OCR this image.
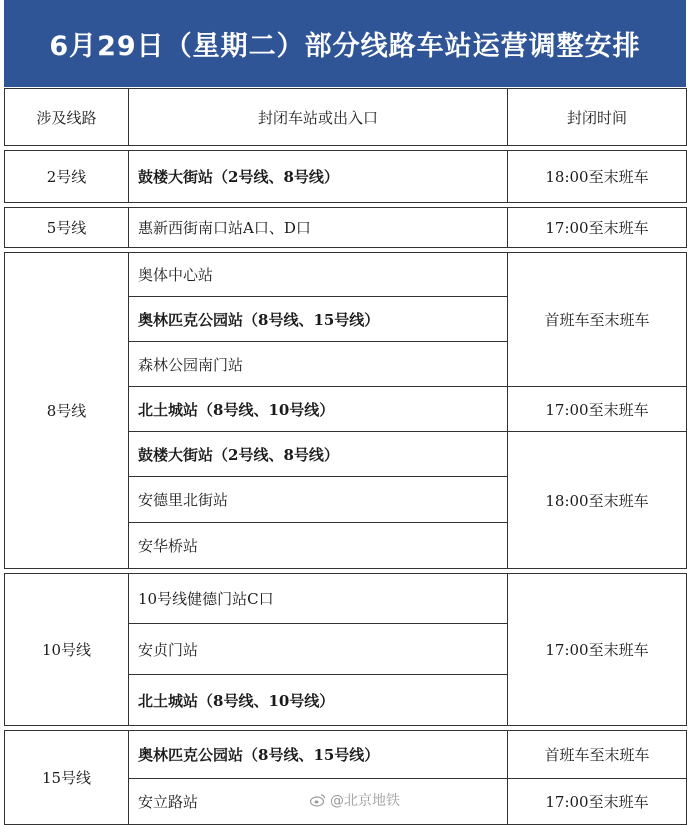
6月29日（星期二）部分线路车站运营调整安排
涉及线路	封闭车站或出入口	封闭时间

2号线	鼓楼大街站（2号线、8号线）	18:00至末班车

5号线	惠新西街南口站A口、D口	17:00至末班车

8号线	奥体中心站	首班车至末班车
	奥林匹克公园站（8号线、15号线）	
	森林公园南门站	
	北土城站（8号线、10号线）	17:00至末班车
	鼓楼大街站（2号线、8号线）	18:00至末班车
	安德里北街站	
	安华桥站	

10号线	10号线健德门站C口	17:00至末班车
	安贞门站	
	北土城站（8号线、10号线）	

15号线	奥林匹克公园站（8号线、15号线）	首班车至末班车
	安立路站	17:00至末班车
@北京地铁
